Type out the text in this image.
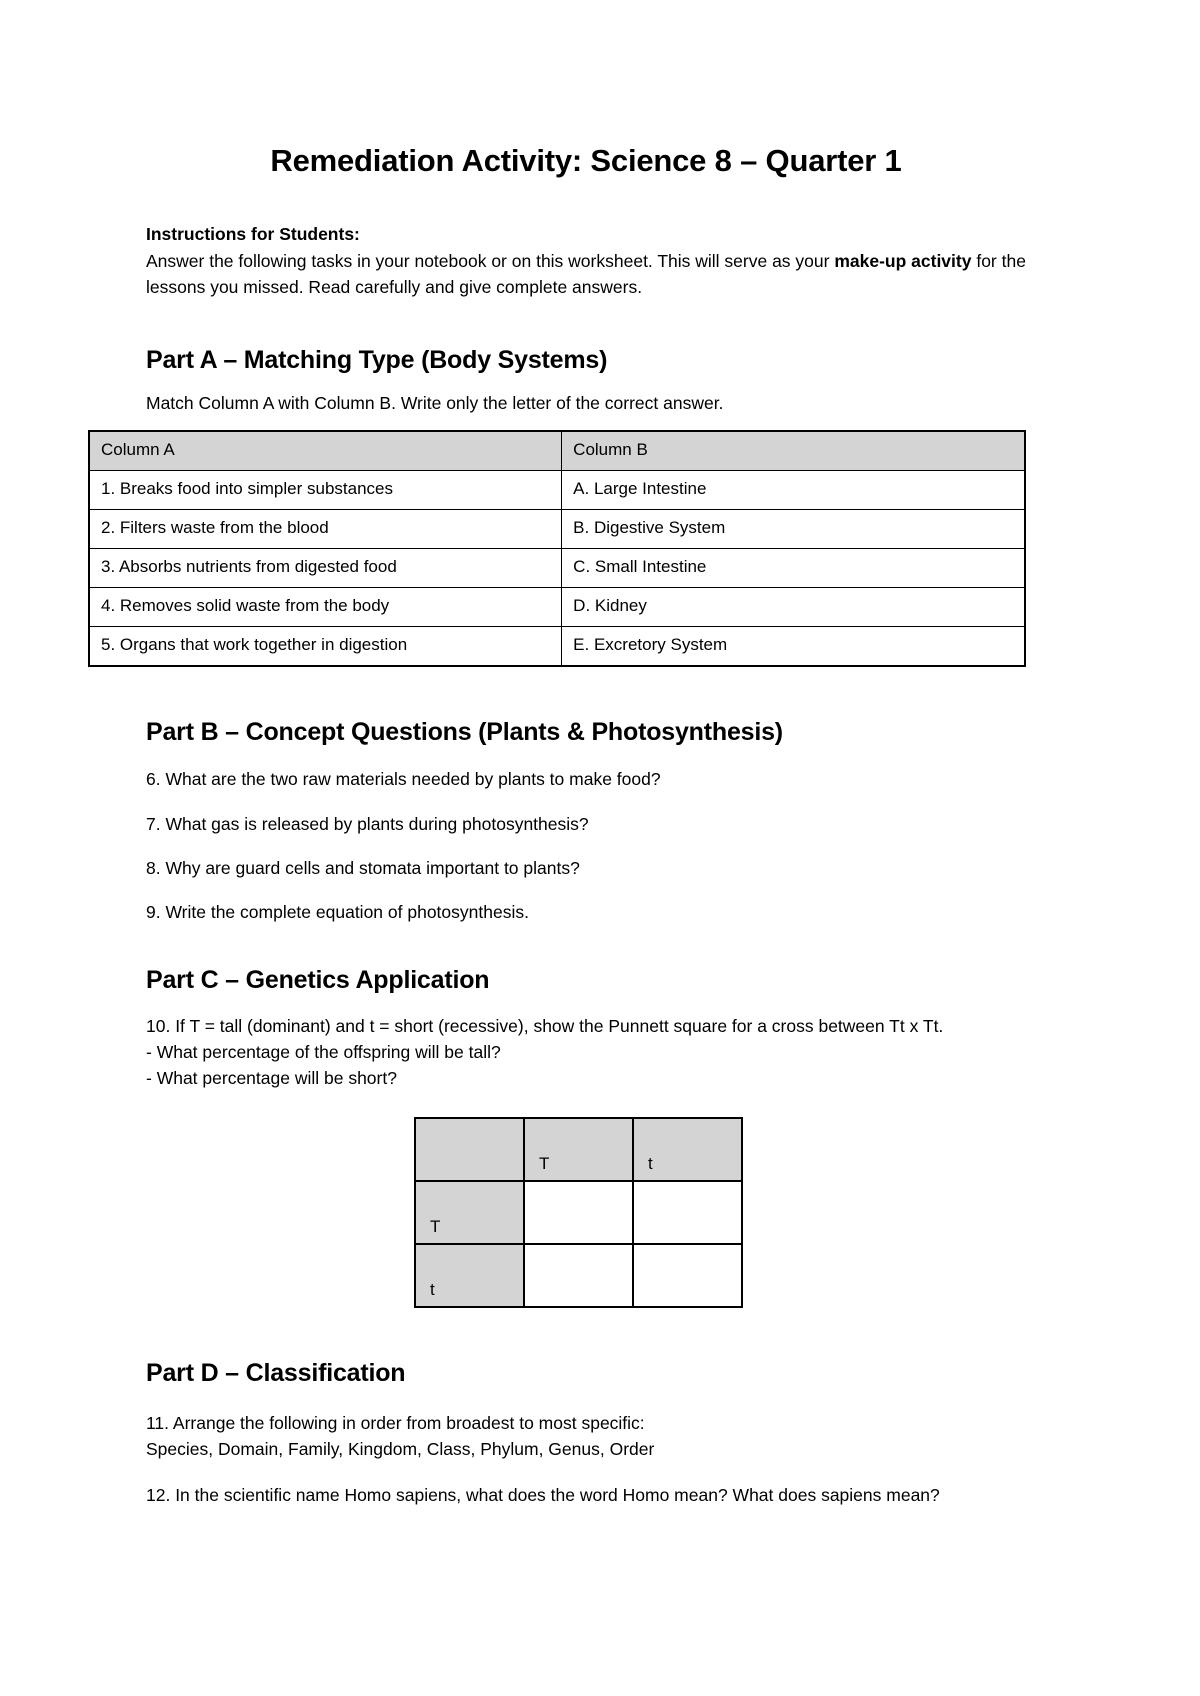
Remediation Activity: Science 8 – Quarter 1
Instructions for Students:
Answer the following tasks in your notebook or on this worksheet. This will serve as your make-up activity for the lessons you missed. Read carefully and give complete answers.
Part A – Matching Type (Body Systems)
Match Column A with Column B. Write only the letter of the correct answer.
Column A	Column B
1. Breaks food into simpler substances	A. Large Intestine
2. Filters waste from the blood	B. Digestive System
3. Absorbs nutrients from digested food	C. Small Intestine
4. Removes solid waste from the body	D. Kidney
5. Organs that work together in digestion	E. Excretory System
Part B – Concept Questions (Plants & Photosynthesis)
6. What are the two raw materials needed by plants to make food?
7. What gas is released by plants during photosynthesis?
8. Why are guard cells and stomata important to plants?
9. Write the complete equation of photosynthesis.
Part C – Genetics Application

10. If T = tall (dominant) and t = short (recessive), show the Punnett square for a cross between Tt x Tt.

- What percentage of the offspring will be tall?

- What percentage will be short?

	T	t
T		
t		
Part D – Classification

11. Arrange the following in order from broadest to most specific:

Species, Domain, Family, Kingdom, Class, Phylum, Genus, Order

12. In the scientific name Homo sapiens, what does the word Homo mean? What does sapiens mean?
